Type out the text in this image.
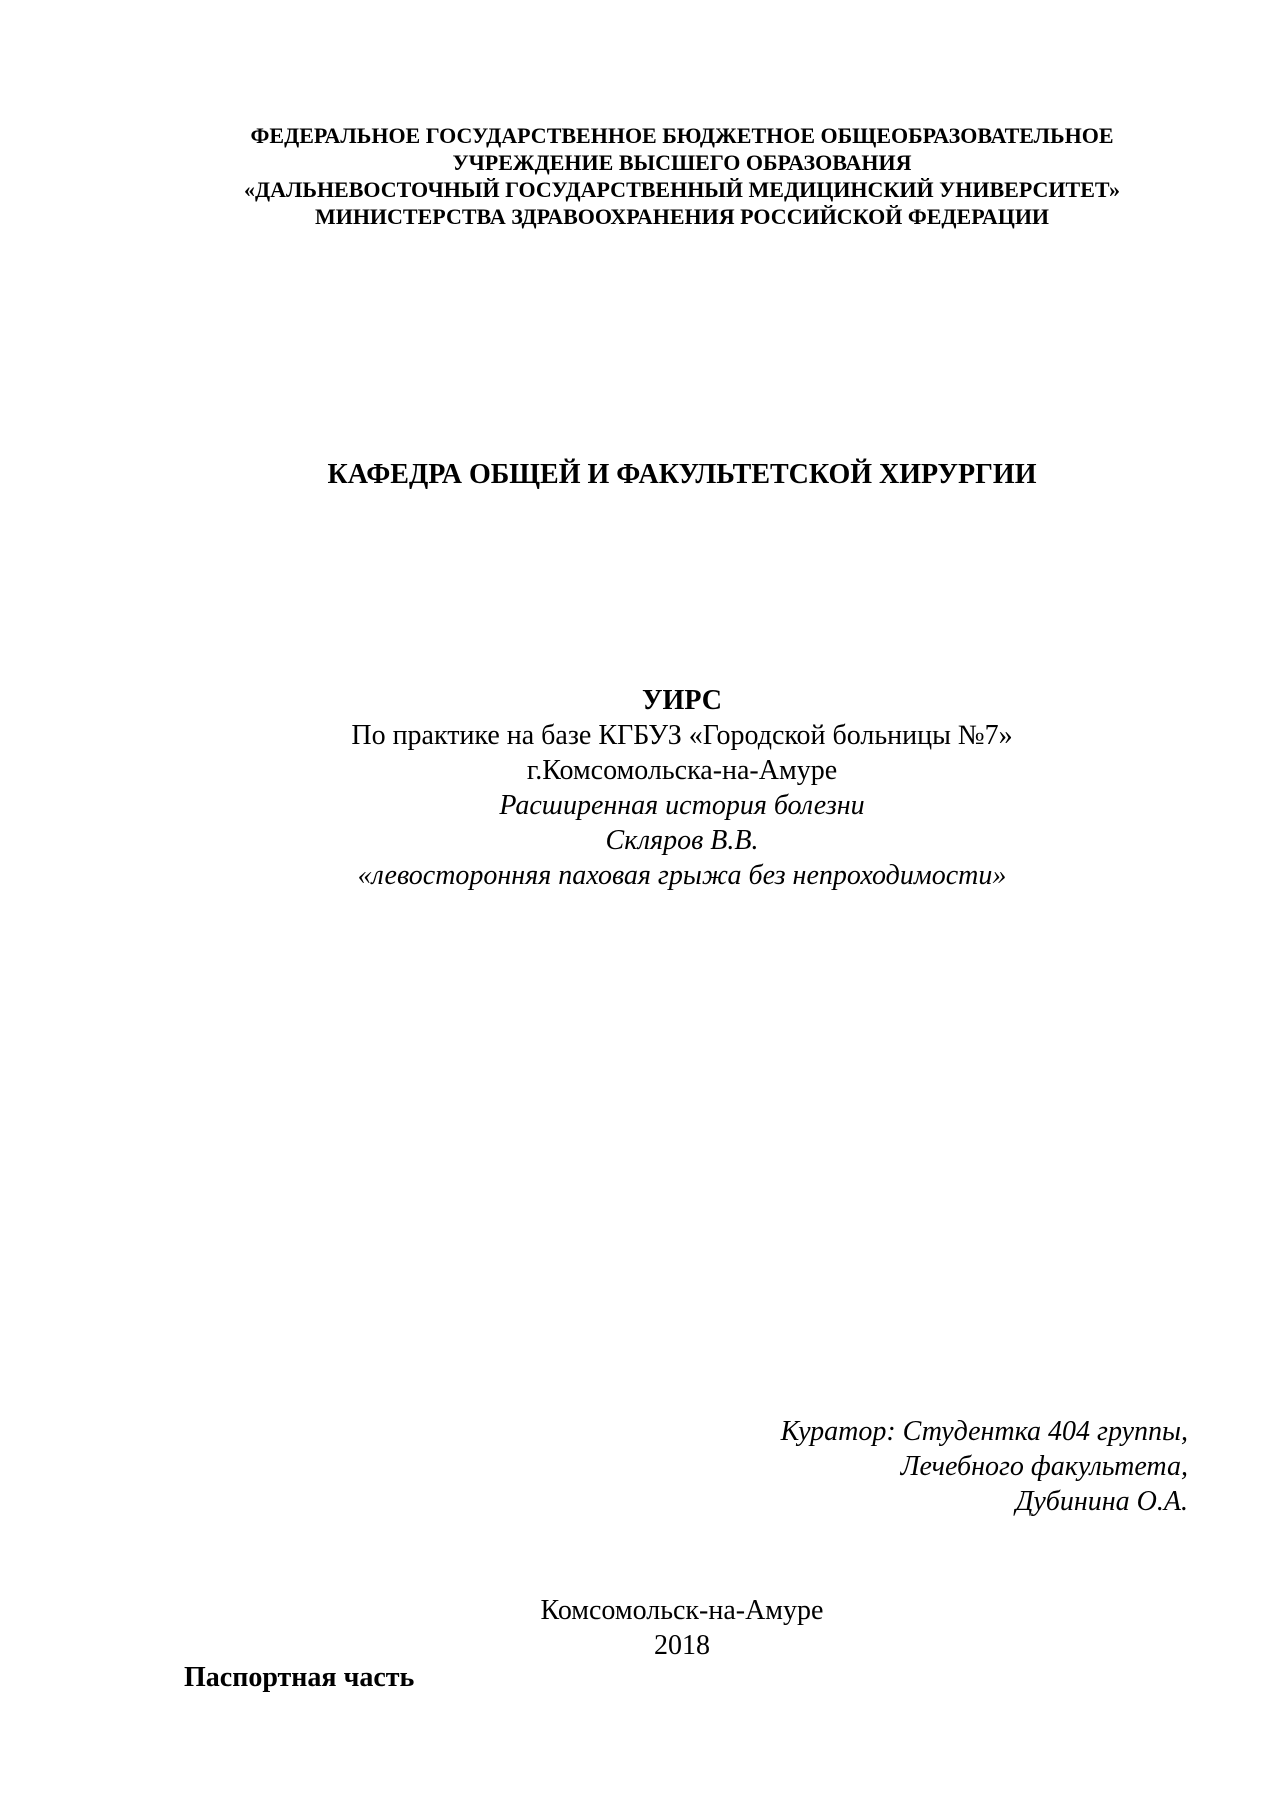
ФЕДЕРАЛЬНОЕ ГОСУДАРСТВЕННОЕ БЮДЖЕТНОЕ ОБЩЕОБРАЗОВАТЕЛЬНОЕ
УЧРЕЖДЕНИЕ ВЫСШЕГО ОБРАЗОВАНИЯ
«ДАЛЬНЕВОСТОЧНЫЙ ГОСУДАРСТВЕННЫЙ МЕДИЦИНСКИЙ УНИВЕРСИТЕТ»
МИНИСТЕРСТВА ЗДРАВООХРАНЕНИЯ РОССИЙСКОЙ ФЕДЕРАЦИИ
КАФЕДРА ОБЩЕЙ И ФАКУЛЬТЕТСКОЙ ХИРУРГИИ
УИРС
По практике на базе КГБУЗ «Городской больницы №7»
г.Комсомольска-на-Амуре
Расширенная история болезни
Скляров В.В.
«левосторонняя паховая грыжа без непроходимости»
Куратор: Студентка 404 группы,
Лечебного факультета,
Дубинина О.А.
Комсомольск-на-Амуре
2018
Паспортная часть
